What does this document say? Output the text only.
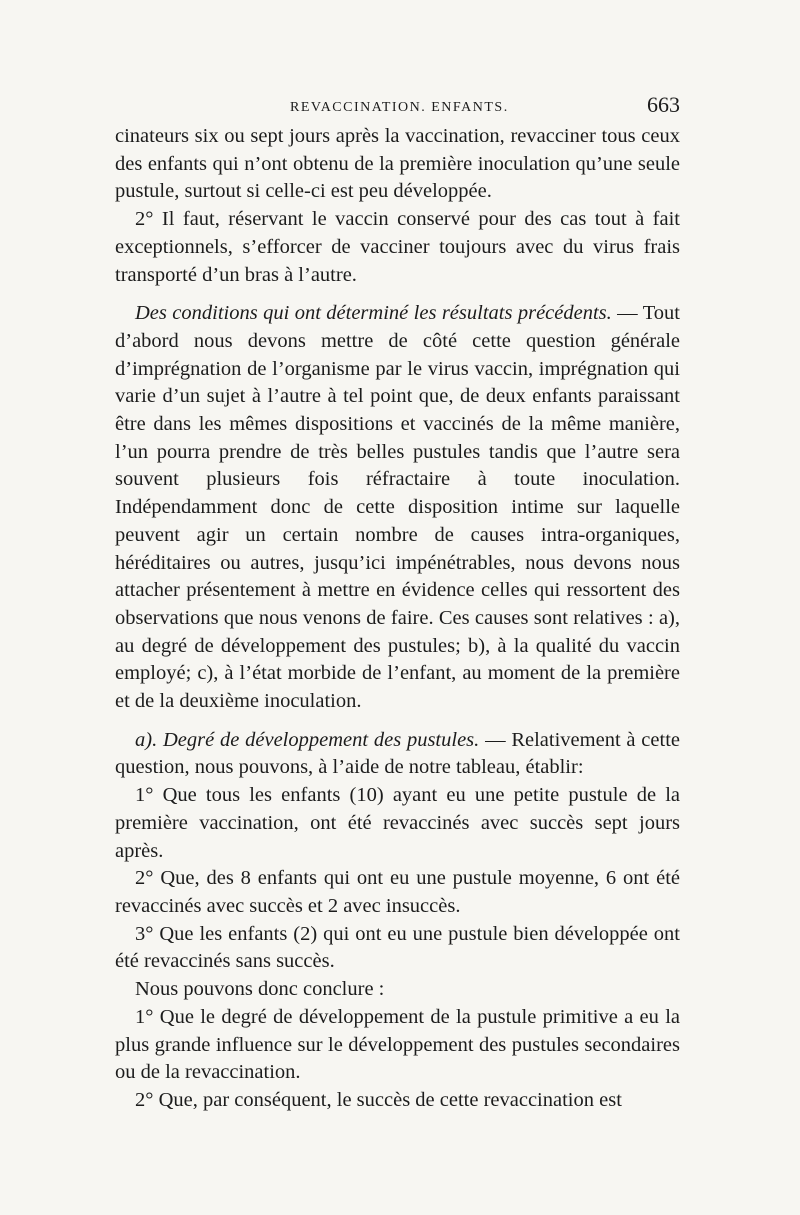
REVACCINATION. ENFANTS.	663

cinateurs six ou sept jours après la vaccination, revacciner tous ceux des enfants qui n’ont obtenu de la première inoculation qu’une seule pustule, surtout si celle-ci est peu développée.

2° Il faut, réservant le vaccin conservé pour des cas tout à fait exceptionnels, s’efforcer de vacciner toujours avec du virus frais transporté d’un bras à l’autre.

Des conditions qui ont déterminé les résultats précédents. — Tout d’abord nous devons mettre de côté cette question générale d’imprégnation de l’organisme par le virus vaccin, imprégnation qui varie d’un sujet à l’autre à tel point que, de deux enfants paraissant être dans les mêmes dispositions et vaccinés de la même manière, l’un pourra prendre de très belles pustules tandis que l’autre sera souvent plusieurs fois réfractaire à toute inoculation. Indépendamment donc de cette disposition intime sur laquelle peuvent agir un certain nombre de causes intra-organiques, héréditaires ou autres, jusqu’ici impénétrables, nous devons nous attacher présentement à mettre en évidence celles qui ressortent des observations que nous venons de faire. Ces causes sont relatives : a), au degré de développement des pustules; b), à la qualité du vaccin employé; c), à l’état morbide de l’enfant, au moment de la première et de la deuxième inoculation.

a). Degré de développement des pustules. — Relativement à cette question, nous pouvons, à l’aide de notre tableau, établir:

1° Que tous les enfants (10) ayant eu une petite pustule de la première vaccination, ont été revaccinés avec succès sept jours après.

2° Que, des 8 enfants qui ont eu une pustule moyenne, 6 ont été revaccinés avec succès et 2 avec insuccès.

3° Que les enfants (2) qui ont eu une pustule bien développée ont été revaccinés sans succès.

Nous pouvons donc conclure :

1° Que le degré de développement de la pustule primitive a eu la plus grande influence sur le développement des pustules secondaires ou de la revaccination.

2° Que, par conséquent, le succès de cette revaccination est
